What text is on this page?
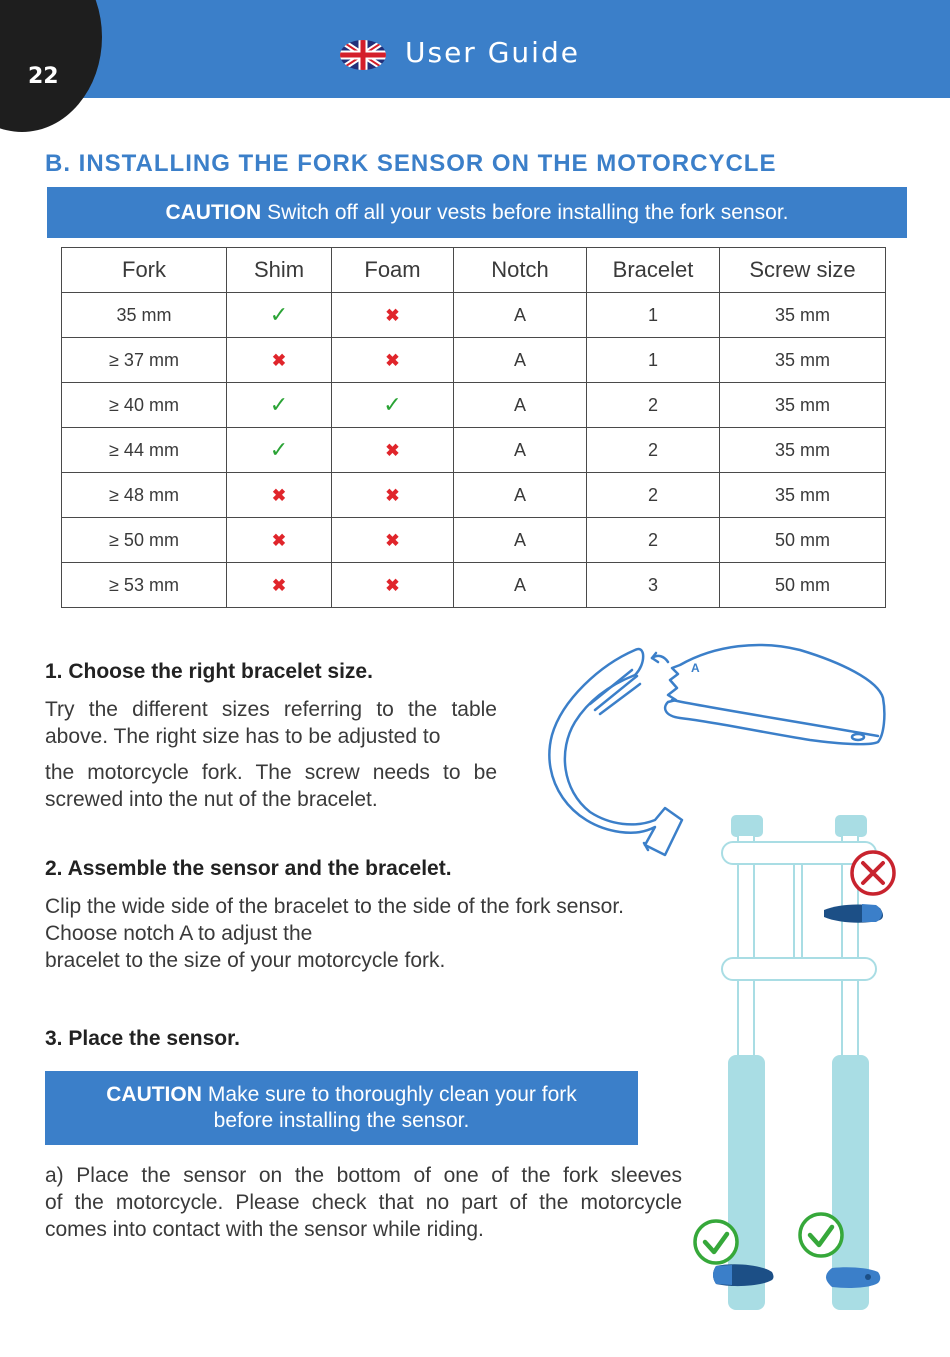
User Guide
22
B. INSTALLING THE FORK SENSOR ON THE MOTORCYCLE
CAUTION Switch off all your vests before installing the fork sensor.
Fork	Shim	Foam	Notch	Bracelet	Screw size
35 mm	✓	✖	A	1	35 mm
≥ 37 mm	✖	✖	A	1	35 mm
≥ 40 mm	✓	✓	A	2	35 mm
≥ 44 mm	✓	✖	A	2	35 mm
≥ 48 mm	✖	✖	A	2	35 mm
≥ 50 mm	✖	✖	A	2	50 mm
≥ 53 mm	✖	✖	A	3	50 mm
1. Choose the right bracelet size.
Try the different sizes referring to the table
above. The right size has to be adjusted to
the motorcycle fork. The screw needs to be
screwed into the nut of the bracelet.
2. Assemble the sensor and the bracelet.
Clip the wide side of the bracelet to the side of the fork sensor.
Choose notch A to adjust the
bracelet to the size of your motorcycle fork.
3. Place the sensor.
CAUTION Make sure to thoroughly clean your fork
before installing the sensor.
a) Place the sensor on the bottom of one of the fork sleeves
of the motorcycle. Please check that no part of the motorcycle
comes into contact with the sensor while riding.
A
